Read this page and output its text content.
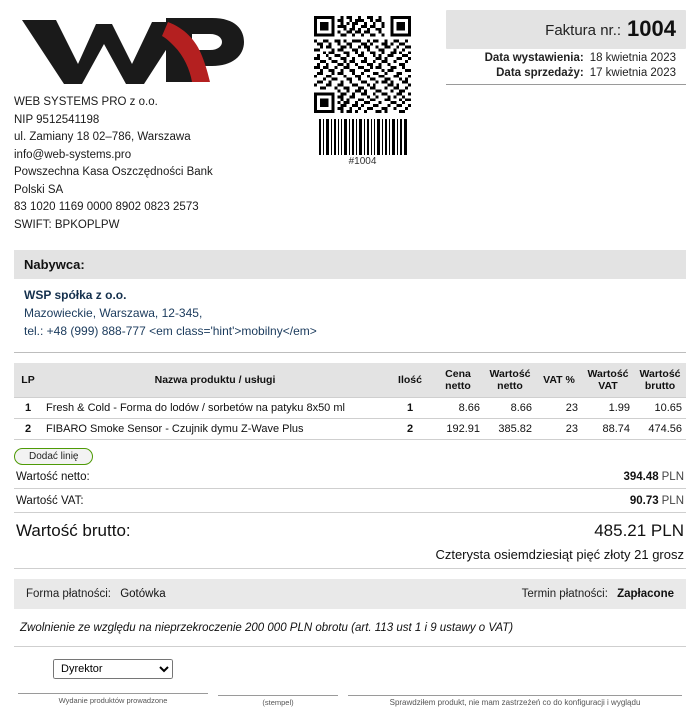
WEB SYSTEMS PRO z o.o.
NIP 9512541198
ul. Zamiany 18 02–786, Warszawa
info@web-systems.pro
Powszechna Kasa Oszczędności Bank
Polski SA
83 1020 1169 0000 8902 0823 2573
SWIFT: BPKOPLPW
#1004
Faktura nr.: 1004
Data wystawienia: 18 kwietnia 2023
Data sprzedaży: 17 kwietnia 2023
Nabywca:
WSP spółka z o.o.
Mazowieckie, Warszawa, 12-345,
tel.: +48 (999) 888-777 <em class='hint'>mobilny</em>
LP	Nazwa produktu / usługi	Ilość	Cena netto	Wartość netto	VAT %	Wartość VAT	Wartość brutto
1	Fresh & Cold - Forma do lodów / sorbetów na patyku 8x50 ml	1	8.66	8.66	23	1.99	10.65
2	FIBARO Smoke Sensor - Czujnik dymu Z-Wave Plus	2	192.91	385.82	23	88.74	474.56
Dodać linię
Wartość netto:	394.48 PLN
Wartość VAT:	90.73 PLN
Wartość brutto:	485.21 PLN
Czterysta osiemdziesiąt pięć złoty 21 grosz
Forma płatności: Gotówka	Termin płatności: Zapłacone
Zwolnienie ze względu na nieprzekroczenie 200 000 PLN obrotu (art. 113 ust 1 i 9 ustawy o VAT)
Dyrektor
Wydanie produktów prowadzone	(stempel)	Sprawdziłem produkt, nie mam zastrzeżeń co do konfiguracji i wyglądu
